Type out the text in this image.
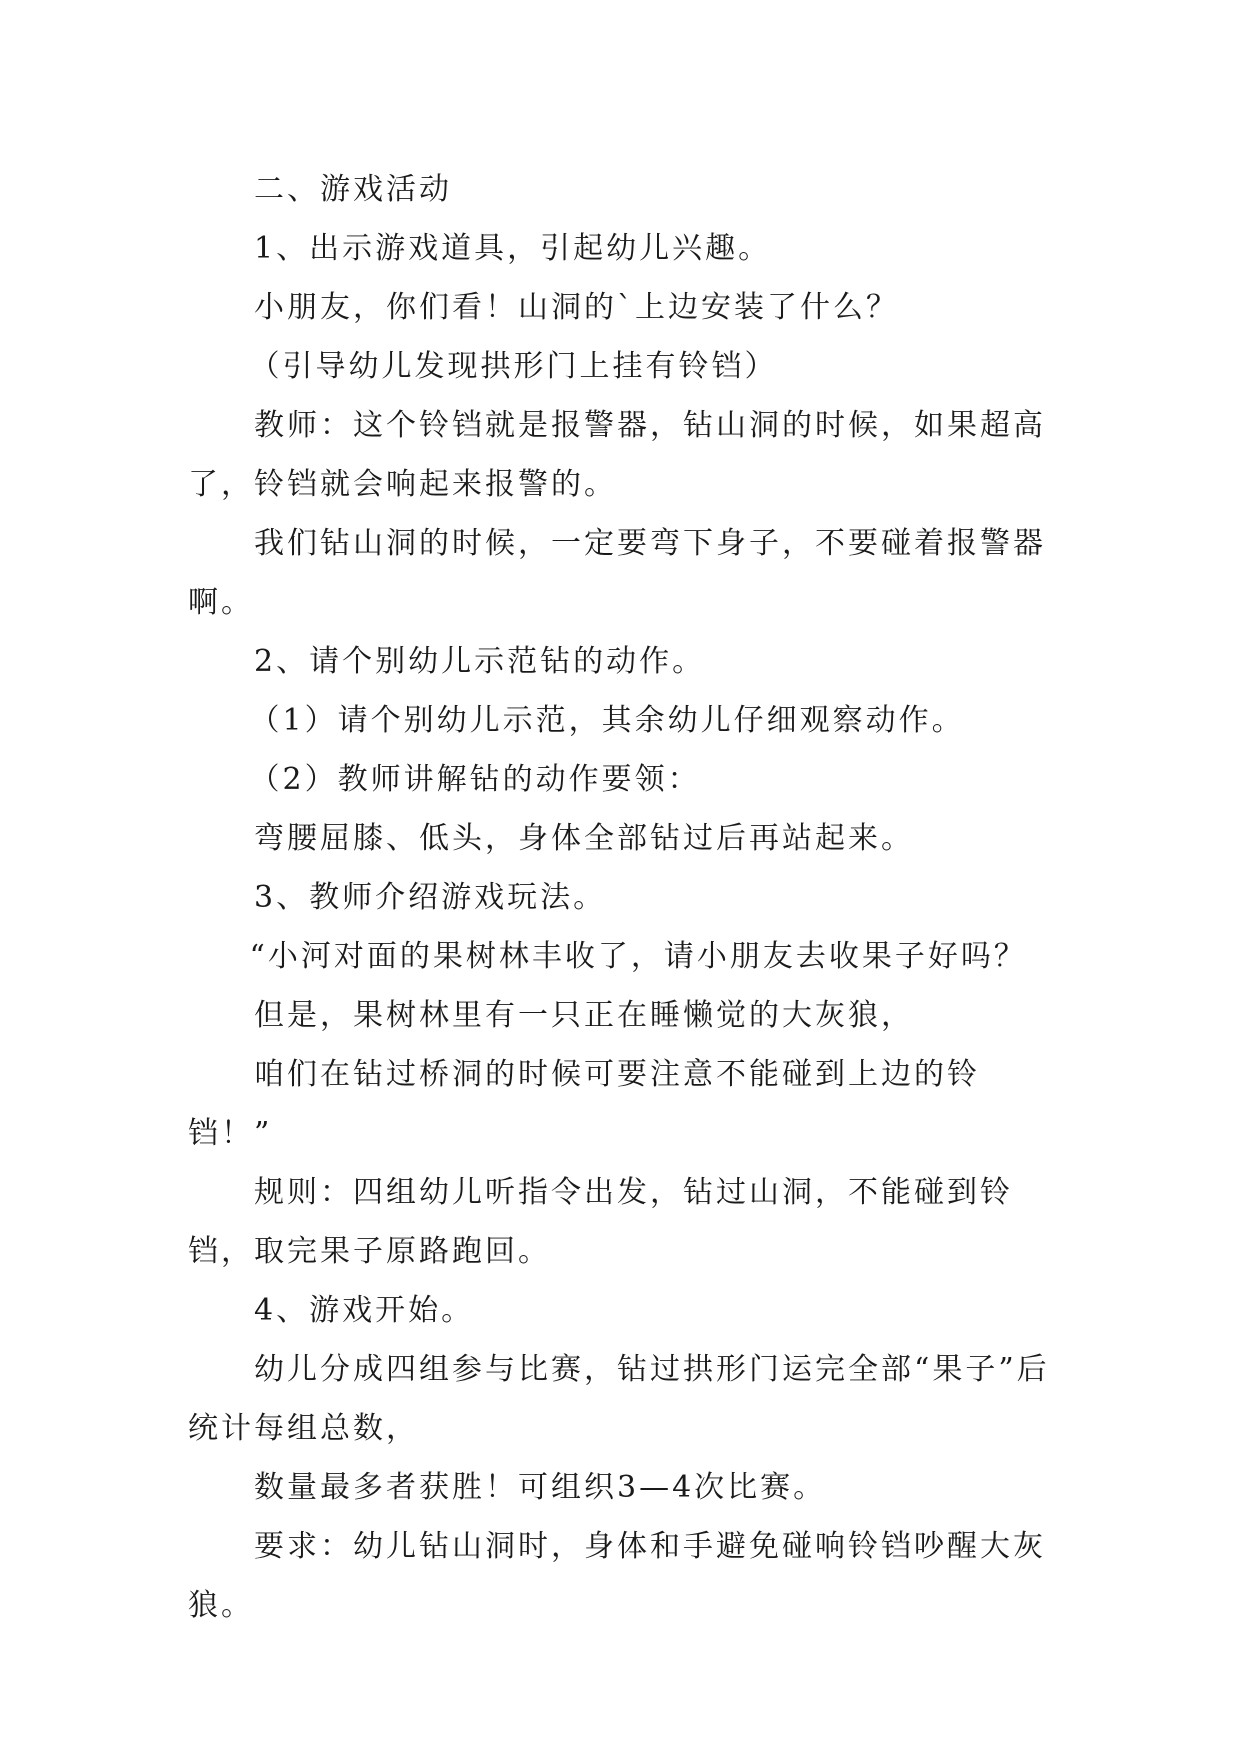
二、游戏活动

1、出示游戏道具，引起幼儿兴趣。

小朋友，你们看！山洞的`上边安装了什么？

（引导幼儿发现拱形门上挂有铃铛）

教师：这个铃铛就是报警器，钻山洞的时候，如果超高了，铃铛就会响起来报警的。

我们钻山洞的时候，一定要弯下身子，不要碰着报警器啊。

2、请个别幼儿示范钻的动作。

（1）请个别幼儿示范，其余幼儿仔细观察动作。

（2）教师讲解钻的动作要领：

弯腰屈膝、低头，身体全部钻过后再站起来。

3、教师介绍游戏玩法。

“小河对面的果树林丰收了，请小朋友去收果子好吗？

但是，果树林里有一只正在睡懒觉的大灰狼，

咱们在钻过桥洞的时候可要注意不能碰到上边的铃铛！”

规则：四组幼儿听指令出发，钻过山洞，不能碰到铃铛，取完果子原路跑回。

4、游戏开始。

幼儿分成四组参与比赛，钻过拱形门运完全部“果子”后统计每组总数，

数量最多者获胜！可组织3—4次比赛。

要求：幼儿钻山洞时，身体和手避免碰响铃铛吵醒大灰狼。
